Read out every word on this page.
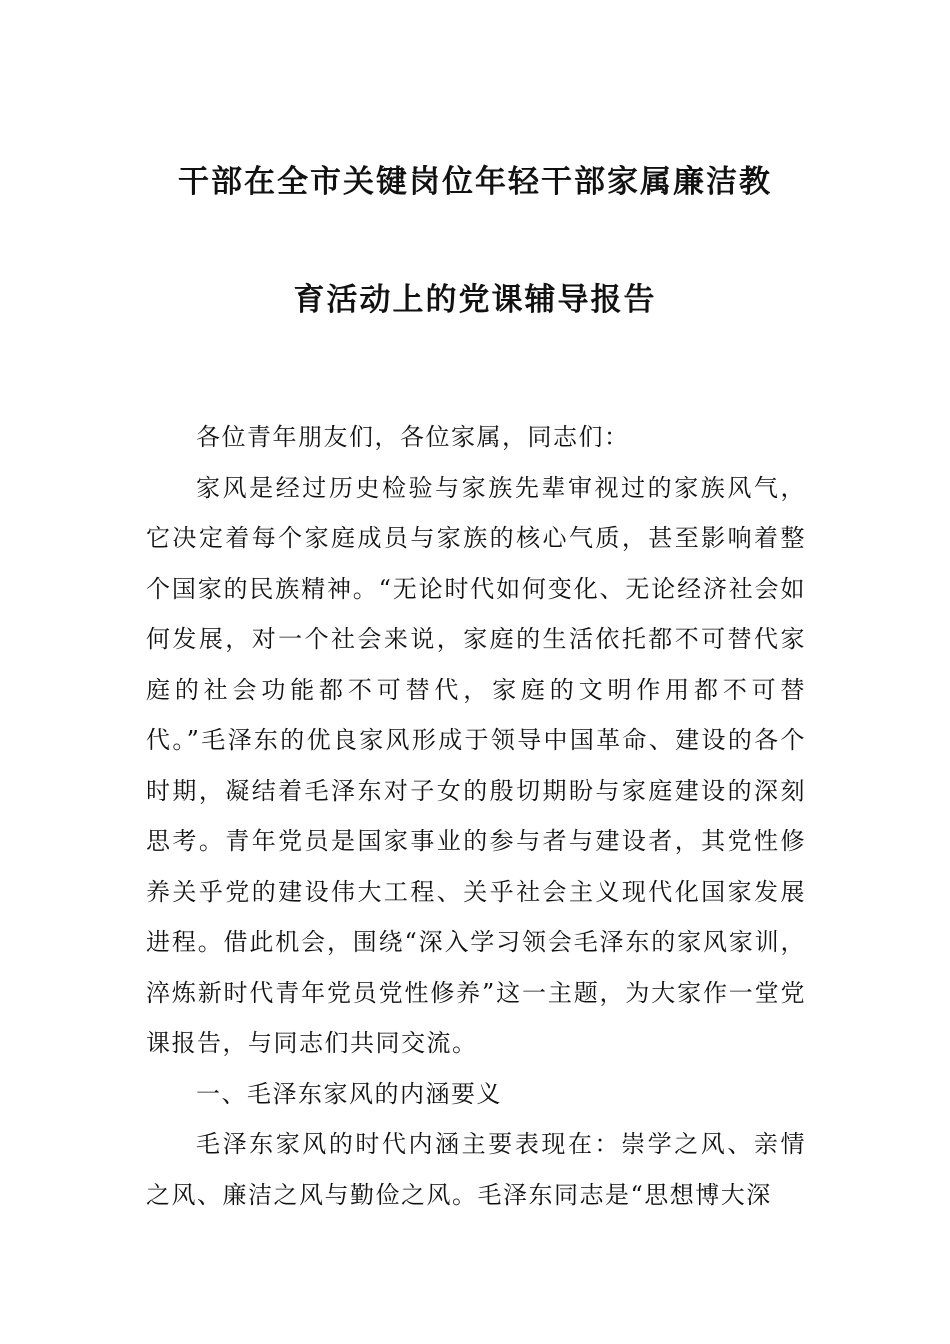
干部在全市关键岗位年轻干部家属廉洁教
育活动上的党课辅导报告

各位青年朋友们，各位家属，同志们：

家风是经过历史检验与家族先辈审视过的家族风气，它决定着每个家庭成员与家族的核心气质，甚至影响着整个国家的民族精神。“无论时代如何变化、无论经济社会如何发展，对一个社会来说，家庭的生活依托都不可替代家庭的社会功能都不可替代，家庭的文明作用都不可替代。”毛泽东的优良家风形成于领导中国革命、建设的各个时期，凝结着毛泽东对子女的殷切期盼与家庭建设的深刻思考。青年党员是国家事业的参与者与建设者，其党性修养关乎党的建设伟大工程、关乎社会主义现代化国家发展进程。借此机会，围绕“深入学习领会毛泽东的家风家训，淬炼新时代青年党员党性修养”这一主题，为大家作一堂党课报告，与同志们共同交流。

一、毛泽东家风的内涵要义

毛泽东家风的时代内涵主要表现在：崇学之风、亲情之风、廉洁之风与勤俭之风。毛泽东同志是“思想博大深
